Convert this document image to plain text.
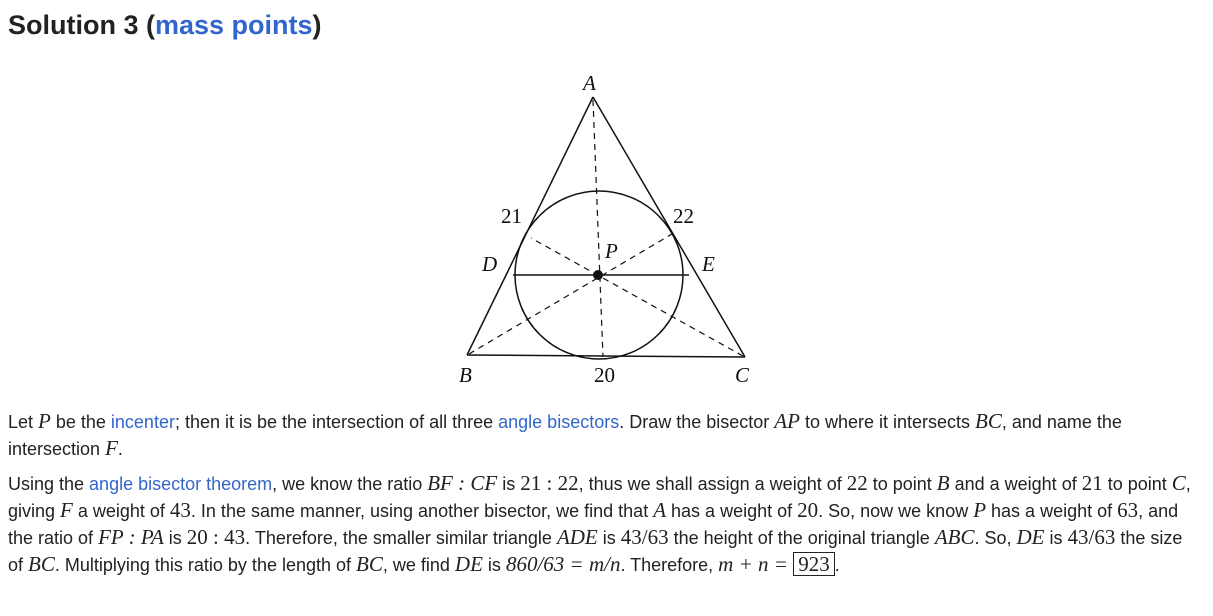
Solution 3 (mass points)
A
B	C
D	E
P
21	22
20

Let P be the incenter; then it is be the intersection of all three angle bisectors. Draw the bisector AP to where it intersects BC, and name the intersection F.

Using the angle bisector theorem, we know the ratio BF : CF is 21 : 22, thus we shall assign a weight of 22 to point B and a weight of 21 to point C, giving F a weight of 43. In the same manner, using another bisector, we find that A has a weight of 20. So, now we know P has a weight of 63, and the ratio of FP : PA is 20 : 43. Therefore, the smaller similar triangle ADE is 43/63 the height of the original triangle ABC. So, DE is 43/63 the size of BC. Multiplying this ratio by the length of BC, we find DE is 860/63 = m/n. Therefore, m + n = 923 .
